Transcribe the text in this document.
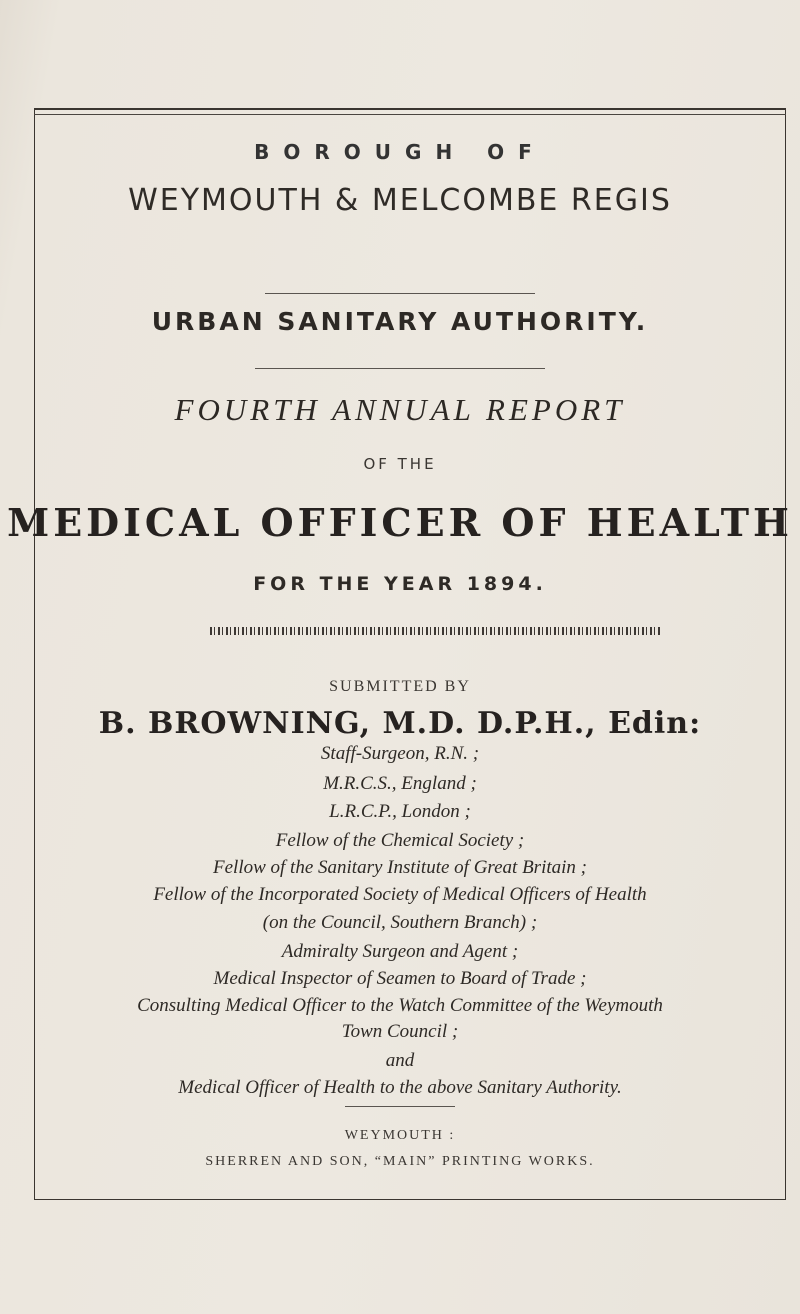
BOROUGH OF
WEYMOUTH & MELCOMBE REGIS
URBAN SANITARY AUTHORITY.
FOURTH ANNUAL REPORT
OF THE
MEDICAL OFFICER OF HEALTH
FOR THE YEAR 1894.
SUBMITTED BY
B. BROWNING, M.D. D.P.H., Edin:
Staff-Surgeon, R.N. ;
M.R.C.S., England ;
L.R.C.P., London ;
Fellow of the Chemical Society ;
Fellow of the Sanitary Institute of Great Britain ;
Fellow of the Incorporated Society of Medical Officers of Health
(on the Council, Southern Branch) ;
Admiralty Surgeon and Agent ;
Medical Inspector of Seamen to Board of Trade ;
Consulting Medical Officer to the Watch Committee of the Weymouth
Town Council ;
and
Medical Officer of Health to the above Sanitary Authority.
WEYMOUTH :
SHERREN AND SON, “MAIN” PRINTING WORKS.
